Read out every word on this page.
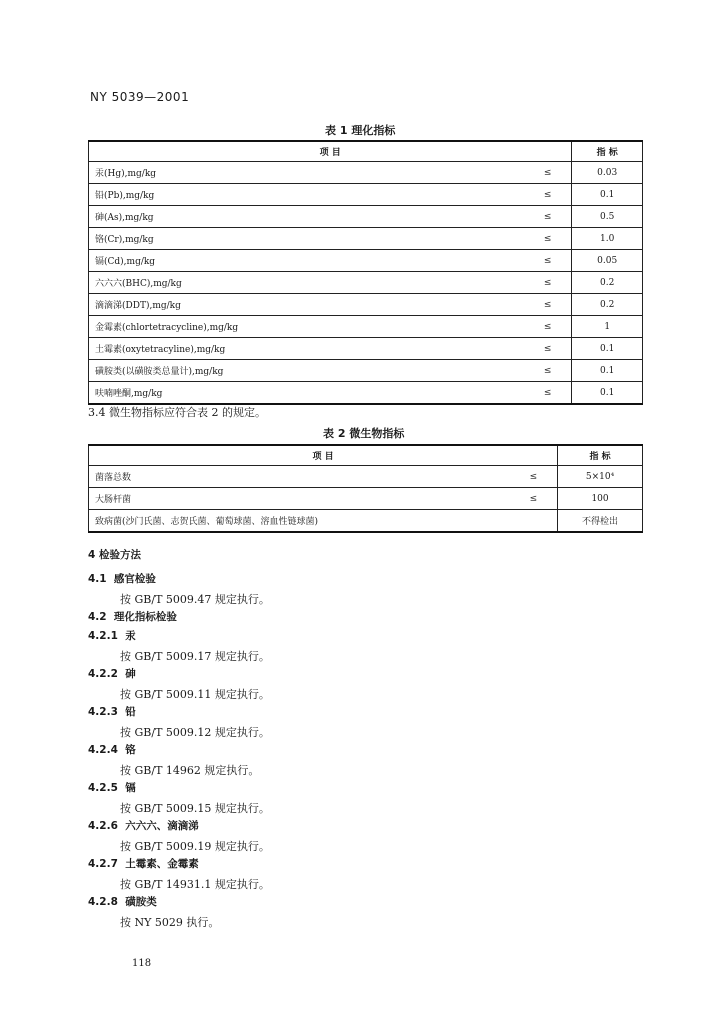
NY 5039—2001
表 1 理化指标
项 目		指 标
汞(Hg),mg/kg	≤	0.03
铅(Pb),mg/kg	≤	0.1
砷(As),mg/kg	≤	0.5
铬(Cr),mg/kg	≤	1.0
镉(Cd),mg/kg	≤	0.05
六六六(BHC),mg/kg	≤	0.2
滴滴涕(DDT),mg/kg	≤	0.2
金霉素(chlortetracycline),mg/kg	≤	1
土霉素(oxytetracyline),mg/kg	≤	0.1
磺胺类(以磺胺类总量计),mg/kg	≤	0.1
呋喃唑酮,mg/kg	≤	0.1
3.4 微生物指标应符合表 2 的规定。
表 2 微生物指标
项 目		指 标
菌落总数	≤	5×10⁴
大肠杆菌	≤	100
致病菌(沙门氏菌、志贺氏菌、葡萄球菌、溶血性链球菌)		不得检出
4 检验方法
4.1 感官检验
按 GB/T 5009.47 规定执行。
4.2 理化指标检验
4.2.1 汞
按 GB/T 5009.17 规定执行。
4.2.2 砷
按 GB/T 5009.11 规定执行。
4.2.3 铅
按 GB/T 5009.12 规定执行。
4.2.4 铬
按 GB/T 14962 规定执行。
4.2.5 镉
按 GB/T 5009.15 规定执行。
4.2.6 六六六、滴滴涕
按 GB/T 5009.19 规定执行。
4.2.7 土霉素、金霉素
按 GB/T 14931.1 规定执行。
4.2.8 磺胺类
按 NY 5029 执行。
118
